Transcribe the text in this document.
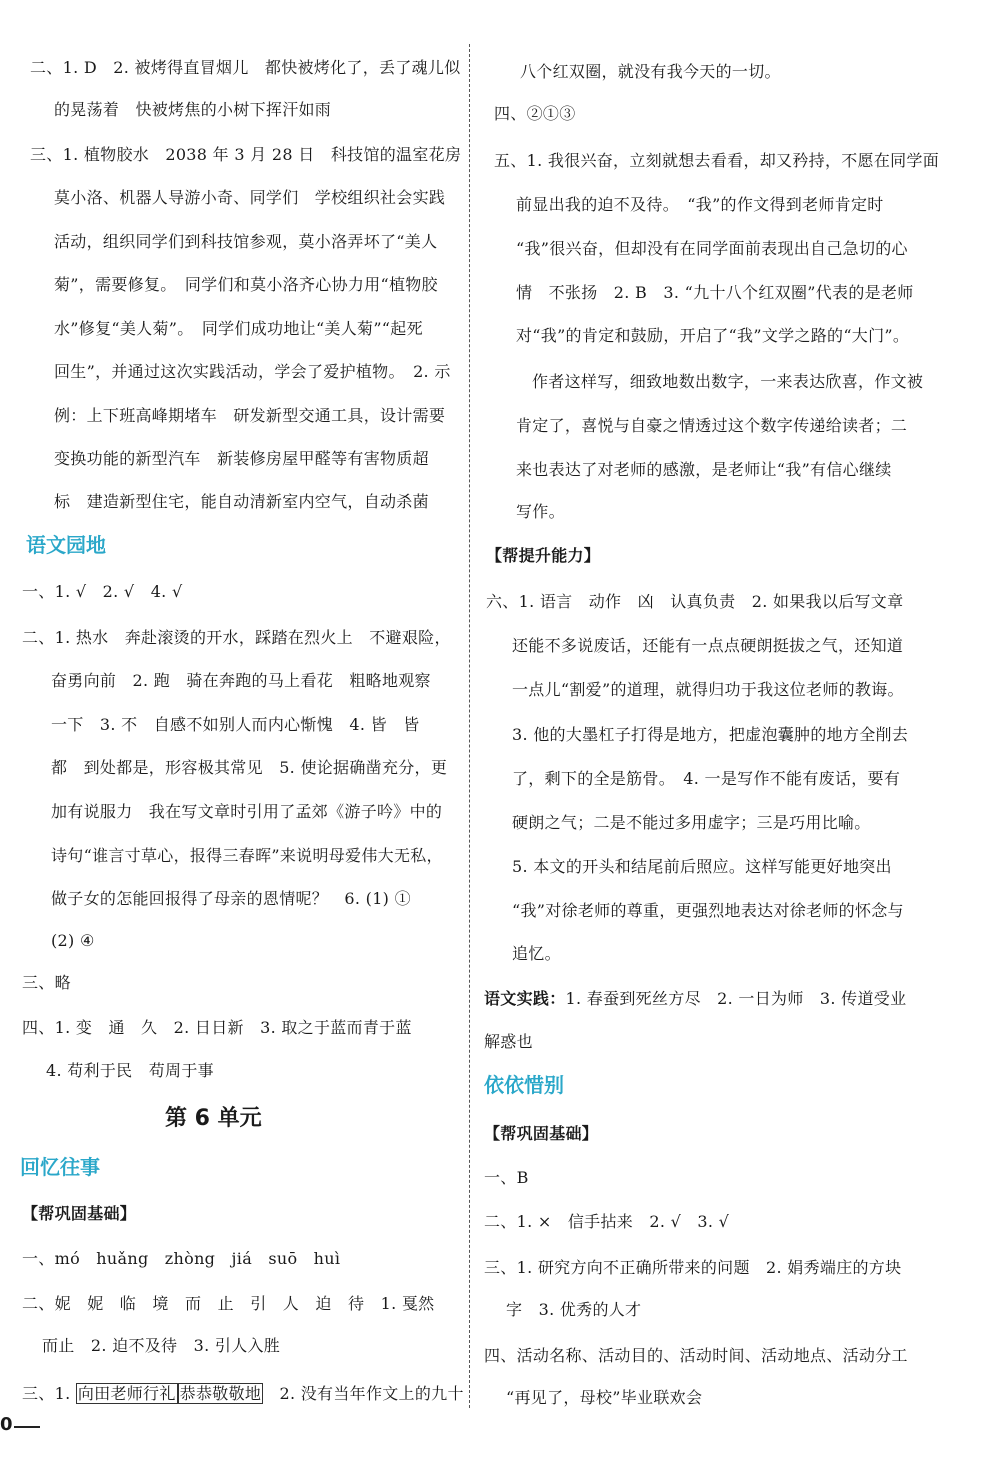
二、1. D　2. 被烤得直冒烟儿　都快被烤化了，丢了魂儿似
的晃荡着　快被烤焦的小树下挥汗如雨
三、1. 植物胶水　2038 年 3 月 28 日　科技馆的温室花房
莫小洛、机器人导游小奇、同学们　学校组织社会实践
活动，组织同学们到科技馆参观，莫小洛弄坏了“美人
菊”，需要修复。　同学们和莫小洛齐心协力用“植物胶
水”修复“美人菊”。　同学们成功地让“美人菊”“起死
回生”，并通过这次实践活动，学会了爱护植物。　2. 示
例：上下班高峰期堵车　研发新型交通工具，设计需要
变换功能的新型汽车　新装修房屋甲醛等有害物质超
标　建造新型住宅，能自动清新室内空气，自动杀菌
语文园地
一、1. √　2. √　4. √
二、1. 热水　奔赴滚烫的开水，踩踏在烈火上　不避艰险，
奋勇向前　2. 跑　骑在奔跑的马上看花　粗略地观察
一下　3. 不　自感不如别人而内心惭愧　4. 皆　皆
都　到处都是，形容极其常见　5. 使论据确凿充分，更
加有说服力　我在写文章时引用了孟郊《游子吟》中的
诗句“谁言寸草心，报得三春晖”来说明母爱伟大无私，
做子女的怎能回报得了母亲的恩情呢？　6. (1) ①
(2) ④
三、略
四、1. 变　通　久　2. 日日新　3. 取之于蓝而青于蓝
4. 苟利于民　苟周于事
第 6 单元
回忆往事
【帮巩固基础】
一、mó　huǎng　zhòng　jiá　suō　huì
二、妮　妮　临　境　而　止　引　人　迫　待　1. 戛然
而止　2. 迫不及待　3. 引人入胜
三、1. 向田老师行礼 恭恭敬敬地　2. 没有当年作文上的九十
八个红双圈，就没有我今天的一切。
四、②①③
五、1. 我很兴奋，立刻就想去看看，却又矜持，不愿在同学面
前显出我的迫不及待。　“我”的作文得到老师肯定时
“我”很兴奋，但却没有在同学面前表现出自己急切的心
情　不张扬　2. B　3. “九十八个红双圈”代表的是老师
对“我”的肯定和鼓励，开启了“我”文学之路的“大门”。
作者这样写，细致地数出数字，一来表达欣喜，作文被
肯定了，喜悦与自豪之情透过这个数字传递给读者；二
来也表达了对老师的感激，是老师让“我”有信心继续
写作。
【帮提升能力】
六、1. 语言　动作　凶　认真负责　2. 如果我以后写文章
还能不多说废话，还能有一点点硬朗挺拔之气，还知道
一点儿“割爱”的道理，就得归功于我这位老师的教诲。
3. 他的大墨杠子打得是地方，把虚泡囊肿的地方全削去
了，剩下的全是筋骨。　4. 一是写作不能有废话，要有
硬朗之气；二是不能过多用虚字；三是巧用比喻。
5. 本文的开头和结尾前后照应。这样写能更好地突出
“我”对徐老师的尊重，更强烈地表达对徐老师的怀念与
追忆。
语文实践：1. 春蚕到死丝方尽　2. 一日为师　3. 传道受业
解惑也
依依惜别
【帮巩固基础】
一、B
二、1. ×　信手拈来　2. √　3. √
三、1. 研究方向不正确所带来的问题　2. 娟秀端庄的方块
字　3. 优秀的人才
四、活动名称、活动目的、活动时间、活动地点、活动分工
“再见了，母校”毕业联欢会
0
